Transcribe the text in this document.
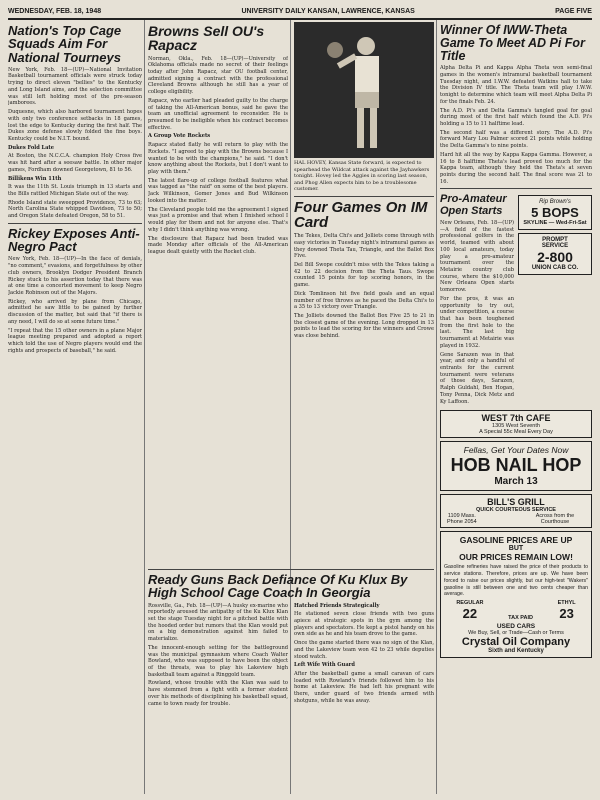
WEDNESDAY, FEB. 18, 1948	UNIVERSITY DAILY KANSAN, LAWRENCE, KANSAS	PAGE FIVE
Nation's Top Cage Squads Aim For National Tourneys

New York, Feb. 18—(UP)—National Invitation Basketball tournament officials were struck today trying to direct eleven "bellies" to the Kentucky and Long Island aims, and the selection committee was still left holding most of the pre-season jamborees.

Duquesne, which also harbored tournament hopes with only two conference setbacks in 18 games, lost the edge to Kentucky during the first half. The Dukes zone defense slowly folded the fine boys. Kentucky could be N.I.T. bound.

Dukes Fold Late

At Boston, the N.C.C.A. champion Holy Cross five was hit hard after a seesaw battle. In other major games, Fordham downed Georgetown, 81 to 56.

Billikens Win 11th

It was the 11th St. Louis triumph in 13 starts and the Bills rattled Michigan State out of the way.

Rhode Island state sweepped Providence, 73 to 63; North Carolina State whipped Davidson, 73 to 50; and Oregon State defeated Oregon, 58 to 51.

Rickey Exposes Anti-Negro Pact

New York, Feb. 18—(UP)—In the face of denials, "no comment," evasions, and forgetfulness by other club owners, Brooklyn Dodger President Branch Rickey stuck to his assertion today that there was at one time a concerted movement to keep Negro Jackie Robinson out of the Majors.

Rickey, who arrived by plane from Chicago, admitted he saw little to be gained by further discussion of the matter, but said that "if there is any need, I will do so at some future time."

"I repeat that the 15 other owners in a plane Major league meeting prepared and adopted a report which told the use of Negro players would end the rights and prospects of baseball," he said.

Browns Sell OU's Rapacz

Norman, Okla., Feb. 18—(UP)—University of Oklahoma officials made no secret of their feelings today after John Rapacz, star OU football center, admitted signing a contract with the professional Cleveland Browns although he still has a year of college eligibility.

Rapacz, who earlier had pleaded guilty to the charge of taking the All-American bonus, said he gave the team an unofficial agreement to reconsider. He is presumed to be ineligible when his contract becomes effective.

A Group Vote Rockets

Rapacz stated flatly he will return to play with the Rockets. "I agreed to play with the Browns because I wanted to be with the champions," he said. "I don't know anything about the Rockets, but I don't want to play with them."

The latest flare-up of college football features what was tagged as "the raid" on some of the best players. Jack Wilkinson, Gomer Jones and Bud Wilkinson looked into the matter.

The Cleveland people told me the agreement I signed was just a promise and that when I finished school I would play for them and not for anyone else. That's why I didn't think anything was wrong.

The disclosure that Rapacz had been traded was made Monday after officials of the All-American league dealt quietly with the Rocket club.

HAL HOVEY, Kansas State forward, is expected to spearhead the Wildcat attack against the Jayhawkers tonight. Hovey led the Aggies in scoring last season, and Phog Allen expects him to be a troublesome customer.
Four Games On IM Card

The Tekes, Delta Chi's and Jolliets come through with easy victories in Tuesday night's intramural games as they downed Theta Tau, Triangle, and the Ballot Box Five.

Del Bill Swope couldn't miss with the Tekes taking a 42 to 22 decision from the Theta Taus. Swope counted 15 points for top scoring honors, in the game.

Dick Tomlinson hit five field goals and an equal number of free throws as he paced the Delta Chi's to a 35 to 13 victory over Triangle.

The Jolliets downed the Ballot Box Five 25 to 21 in the closest game of the evening. Long dropped in 13 points to lead the scoring for the winners and Crowe was close behind.

Ready Guns Back Defiance Of Ku Klux By High School Cage Coach In Georgia

Rossville, Ga., Feb. 18—(UP)—A husky ex-marine who reportedly aroused the antipathy of the Ku Klux Klan set the stage Tuesday night for a pitched battle with the hooded order but rumors that the Klan would put on a big demonstration against him failed to materialize.

The innocent-enough setting for the battleground was the municipal gymnasium where Coach Walter Bowland, who was supposed to have been the object of the threats, was to play his Lakeview high basketball team against a Ringgold team.

Rowland, whose trouble with the Klan was said to have stemmed from a fight with a former student over his methods of disciplining his basketball squad, came to town ready for trouble.

Hatched Friends Strategically

He stationed seven close friends with two guns apiece at strategic spots in the gym among the players and spectators. He kept a pistol handy on his own side as he and his team drove to the game.

Once the game started there was no sign of the Klan, and the Lakeview team won 42 to 23 while deputies stood watch.

Left Wife With Guard

After the basketball game a small caravan of cars loaded with Rowland's friends followed him to his home at Lakeview. He had left his pregnant wife there, under guard of two friends armed with shotguns, while he was away.

Winner Of IWW-Theta Game To Meet AD Pi For Title

Alpha Delta Pi and Kappa Alpha Theta won semi-final games in the women's intramural basketball tournament Tuesday night, and I.W.W. defeated Watkins hall to take the Division IV title. The Theta team will play I.W.W. tonight to determine which team will meet Alpha Delta Pi for the finals Feb. 24.

The A.D. Pi's and Delta Gamma's tangled goal for goal during most of the first half which found the A.D. Pi's holding a 15 to 11 halftime lead.

The second half was a different story. The A.D. Pi's forward Mary Lou Palmer scored 21 points while holding the Delta Gamma's to nine points.

Hard hit all the way by Kappa Kappa Gamma. However, a 16 to 8 halftime Theta's lead proved too much for the Kappa team, although they held the Theta's at seven points during the second half. The final score was 21 to 16.

Pro-Amateur Open Starts

New Orleans, Feb. 18—(UP)—A field of the fastest professional golfers in the world, teamed with about 100 local amateurs, today play a pro-amateur tournament over the Metairie country club course, where the $10,000 New Orleans Open starts tomorrow.

For the pros, it was an opportunity to try out, under competition, a course that has been toughened from the first hole to the last. The last big tournament at Metairie was played in 1932.

Gene Sarazen was in that year, and only a handful of entrants for the current tournament were veterans of those days, Sarazen, Ralph Guldahl, Ben Hogan, Tony Penna, Dick Metz and Ky Laffoon.

Rip Brown's
5 BOPS
SKYLINE — Wed-Fri-Sat
PROMPT
SERVICE
2-800
UNION CAB CO.
WEST 7th CAFE
1305 West Seventh
A Special 55c Meal Every Day
Fellas, Get Your Dates Now
HOB NAIL HOP
March 13
BILL'S GRILL
QUICK COURTEOUS SERVICE
1109 Mass.
Phone 2054
Across from the Courthouse
GASOLINE PRICES ARE UP
BUT
OUR PRICES REMAIN LOW!
Gasoline refineries have raised the price of their products to service stations. Therefore, prices are up. We have been forced to raise our prices slightly, but our high-test "Wakers" gasoline is still between one and two cents cheaper than average.
REGULAR
22	TAX PAID
ETHYL
23
USED CARS
We Buy, Sell, or Trade—Cash or Terms
Crystal Oil Company
Sixth and Kentucky
